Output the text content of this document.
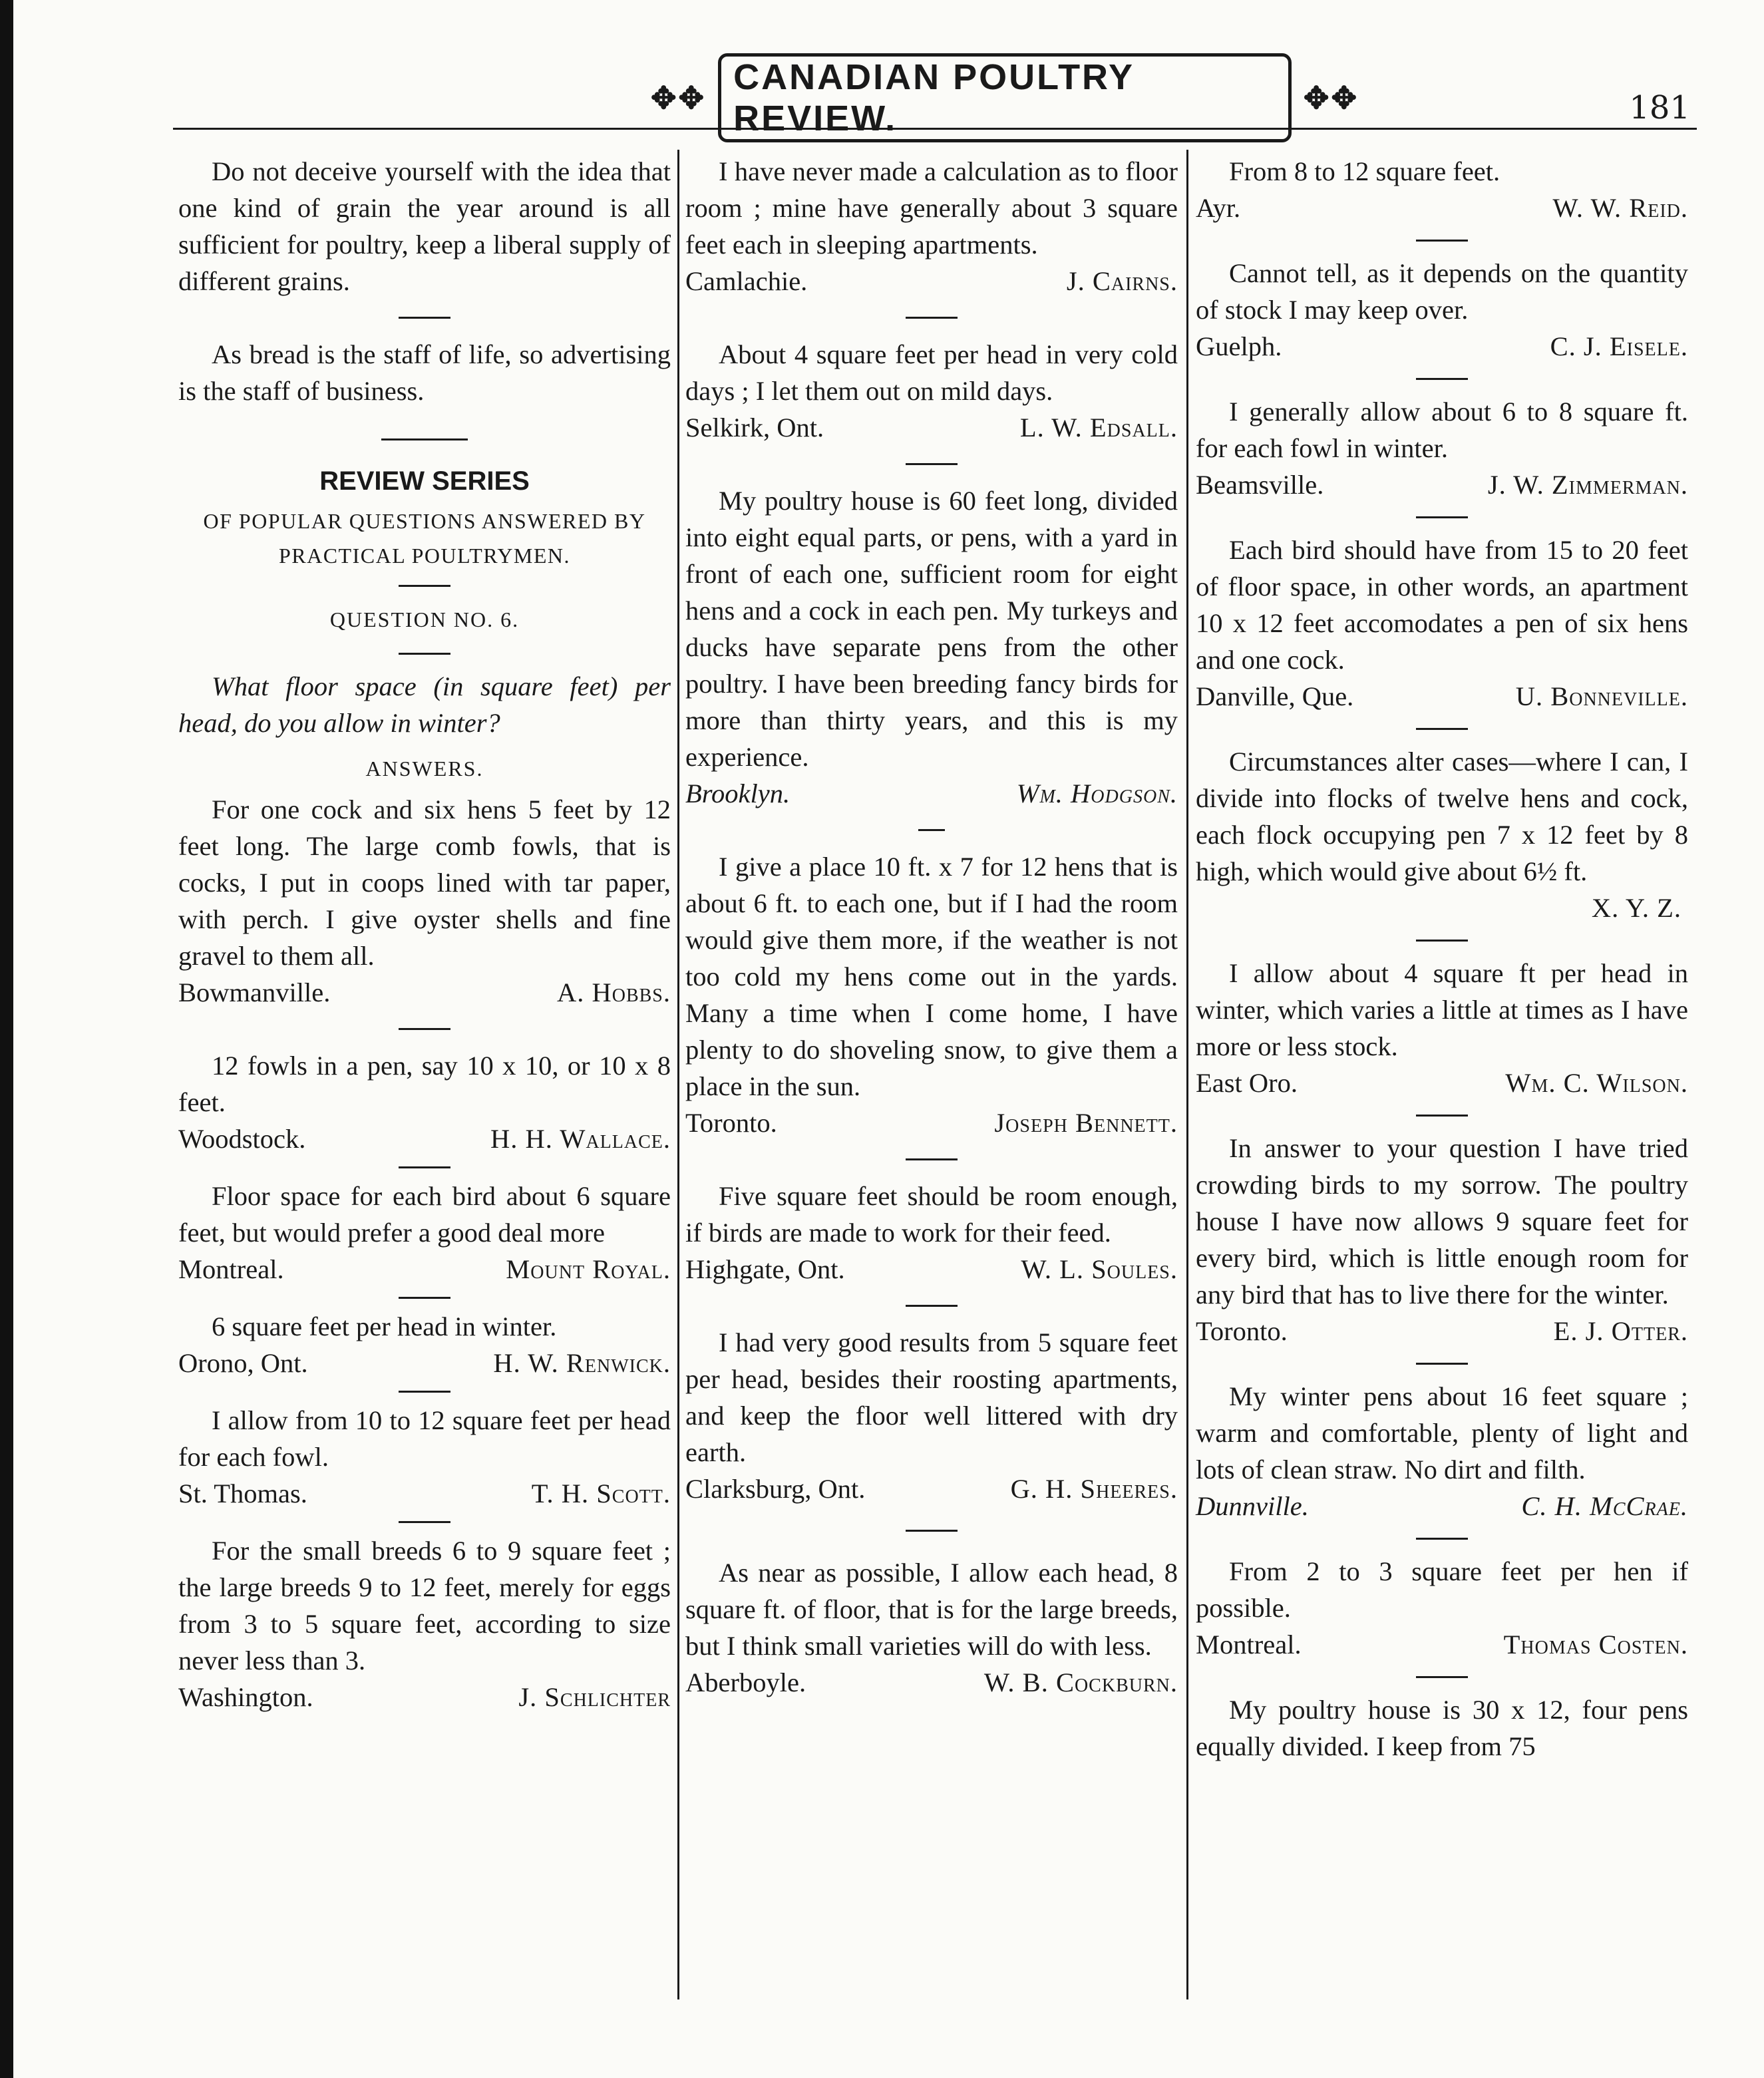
✥✥
CANADIAN POULTRY REVIEW.
✥✥	181

Do not deceive yourself with the idea that one kind of grain the year around is all sufficient for poultry, keep a liberal supply of different grains.

As bread is the staff of life, so advertising is the staff of business.

REVIEW SERIES
OF POPULAR QUESTIONS ANSWERED BY PRACTICAL POULTRYMEN.
QUESTION NO. 6.

What floor space (in square feet) per head, do you allow in winter?

ANSWERS.

For one cock and six hens 5 feet by 12 feet long. The large comb fowls, that is cocks, I put in coops lined with tar paper, with perch. I give oyster shells and fine gravel to them all.

Bowmanville.	A. Hobbs.

12 fowls in a pen, say 10 x 10, or 10 x 8 feet.

Woodstock.	H. H. Wallace.

Floor space for each bird about 6 square feet, but would prefer a good deal more

Montreal.	Mount Royal.

6 square feet per head in winter.

Orono, Ont.	H. W. Renwick.

I allow from 10 to 12 square feet per head for each fowl.

St. Thomas.	T. H. Scott.

For the small breeds 6 to 9 square feet ; the large breeds 9 to 12 feet, merely for eggs from 3 to 5 square feet, according to size never less than 3.

Washington.	J. Schlichter

I have never made a calculation as to floor room ; mine have generally about 3 square feet each in sleeping apartments.

Camlachie.	J. Cairns.

About 4 square feet per head in very cold days ; I let them out on mild days.

Selkirk, Ont.	L. W. Edsall.

My poultry house is 60 feet long, divided into eight equal parts, or pens, with a yard in front of each one, sufficient room for eight hens and a cock in each pen. My turkeys and ducks have separate pens from the other poultry. I have been breeding fancy birds for more than thirty years, and this is my experience.

Brooklyn.	Wm. Hodgson.

I give a place 10 ft. x 7 for 12 hens that is about 6 ft. to each one, but if I had the room would give them more, if the weather is not too cold my hens come out in the yards. Many a time when I come home, I have plenty to do shoveling snow, to give them a place in the sun.

Toronto.	Joseph Bennett.

Five square feet should be room enough, if birds are made to work for their feed.

Highgate, Ont.	W. L. Soules.

I had very good results from 5 square feet per head, besides their roosting apartments, and keep the floor well littered with dry earth.

Clarksburg, Ont.	G. H. Sheeres.

As near as possible, I allow each head, 8 square ft. of floor, that is for the large breeds, but I think small varieties will do with less.

Aberboyle.	W. B. Cockburn.

From 8 to 12 square feet.

Ayr.	W. W. Reid.

Cannot tell, as it depends on the quantity of stock I may keep over.

Guelph.	C. J. Eisele.

I generally allow about 6 to 8 square ft. for each fowl in winter.

Beamsville.	J. W. Zimmerman.

Each bird should have from 15 to 20 feet of floor space, in other words, an apartment 10 x 12 feet accomodates a pen of six hens and one cock.

Danville, Que.	U. Bonneville.

Circumstances alter cases—where I can, I divide into flocks of twelve hens and cock, each flock occupying pen 7 x 12 feet by 8 high, which would give about 6½ ft.

X. Y. Z.

I allow about 4 square ft per head in winter, which varies a little at times as I have more or less stock.

East Oro.	Wm. C. Wilson.

In answer to your question I have tried crowding birds to my sorrow. The poultry house I have now allows 9 square feet for every bird, which is little enough room for any bird that has to live there for the winter.

Toronto.	E. J. Otter.

My winter pens about 16 feet square ; warm and comfortable, plenty of light and lots of clean straw. No dirt and filth.

Dunnville.	C. H. McCrae.

From 2 to 3 square feet per hen if possible.

Montreal.	Thomas Costen.

My poultry house is 30 x 12, four pens equally divided. I keep from 75
